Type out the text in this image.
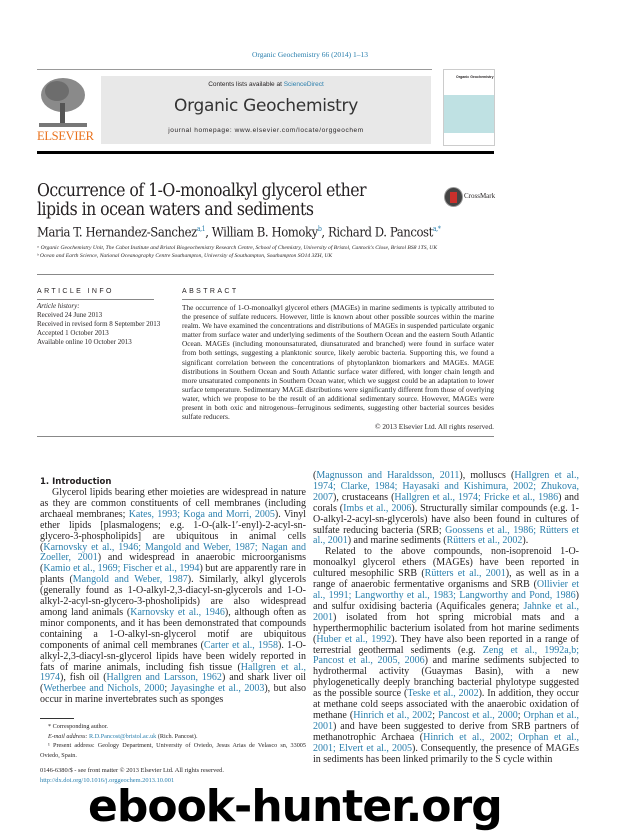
Organic Geochemistry 66 (2014) 1–13
ELSEVIER
Contents lists available at ScienceDirect
Organic Geochemistry
journal homepage: www.elsevier.com/locate/orggeochem
Organic Geochemistry
Occurrence of 1-O-monoalkyl glycerol ether lipids in ocean waters and sediments
CrossMark
Maria T. Hernandez-Sanchez$^{a,1}$, William B. Homoky$^b$, Richard D. Pancost$^{a,*}$
ᵃ Organic Geochemistry Unit, The Cabot Institute and Bristol Biogeochemistry Research Centre, School of Chemistry, University of Bristol, Cantock's Close, Bristol BS8 1TS, UK
ᵇ Ocean and Earth Science, National Oceanography Centre Southampton, University of Southampton, Southampton SO14 3ZH, UK
ARTICLE INFO	ABSTRACT
Article history:
Received 24 June 2013
Received in revised form 8 September 2013
Accepted 1 October 2013
Available online 10 October 2013
The occurrence of 1-O-monoalkyl glycerol ethers (MAGEs) in marine sediments is typically attributed to the presence of sulfate reducers. However, little is known about other possible sources within the marine realm. We have examined the concentrations and distributions of MAGEs in suspended particulate organic matter from surface water and underlying sediments of the Southern Ocean and the eastern South Atlantic Ocean. MAGEs (including monounsaturated, diunsaturated and branched) were found in surface water from both settings, suggesting a planktonic source, likely aerobic bacteria. Supporting this, we found a significant correlation between the concentrations of phytoplankton biomarkers and MAGEs. MAGE distributions in Southern Ocean and South Atlantic surface water differed, with longer chain length and more unsaturated components in Southern Ocean water, which we suggest could be an adaptation to lower surface temperature. Sedimentary MAGE distributions were significantly different from those of overlying water, which we propose to be the result of an additional sedimentary source. However, MAGEs were present in both oxic and nitrogenous–ferruginous sediments, suggesting other bacterial sources besides sulfate reducers.
© 2013 Elsevier Ltd. All rights reserved.
1. Introduction

Glycerol lipids bearing ether moieties are widespread in nature as they are common constituents of cell membranes (including archaeal membranes; Kates, 1993; Koga and Morri, 2005). Vinyl ether lipids [plasmalogens; e.g. 1-O-(alk-1′-enyl)-2-acyl-sn-glycero-3-phospholipids] are ubiquitous in animal cells (Karnovsky et al., 1946; Mangold and Weber, 1987; Nagan and Zoeller, 2001) and widespread in anaerobic microorganisms (Kamio et al., 1969; Fischer et al., 1994) but are apparently rare in plants (Mangold and Weber, 1987). Similarly, alkyl glycerols (generally found as 1-O-alkyl-2,3-diacyl-sn-glycerols and 1-O-alkyl-2-acyl-sn-glycero-3-phosholipids) are also widespread among land animals (Karnovsky et al., 1946), although often as minor components, and it has been demonstrated that compounds containing a 1-O-alkyl-sn-glycerol motif are ubiquitous components of animal cell membranes (Carter et al., 1958). 1-O-alkyl-2,3-diacyl-sn-glycerol lipids have been widely reported in fats of marine animals, including fish tissue (Hallgren et al., 1974), fish oil (Hallgren and Larsson, 1962) and shark liver oil (Wetherbee and Nichols, 2000; Jayasinghe et al., 2003), but also occur in marine invertebrates such as sponges

* Corresponding author.
E-mail address: R.D.Pancost@bristol.ac.uk (Rich. Pancost).
¹ Present address: Geology Department, University of Oviedo, Jesus Arias de Velasco sn, 33005 Oviedo, Spain.
0146-6380/$ - see front matter © 2013 Elsevier Ltd. All rights reserved.
http://dx.doi.org/10.1016/j.orggeochem.2013.10.001

(Magnusson and Haraldsson, 2011), molluscs (Hallgren et al., 1974; Clarke, 1984; Hayasaki and Kishimura, 2002; Zhukova, 2007), crustaceans (Hallgren et al., 1974; Fricke et al., 1986) and corals (Imbs et al., 2006). Structurally similar compounds (e.g. 1-O-alkyl-2-acyl-sn-glycerols) have also been found in cultures of sulfate reducing bacteria (SRB; Goossens et al., 1986; Rütters et al., 2001) and marine sediments (Rütters et al., 2002).

Related to the above compounds, non-isoprenoid 1-O-monoalkyl glycerol ethers (MAGEs) have been reported in cultured mesophilic SRB (Rütters et al., 2001), as well as in a range of anaerobic fermentative organisms and SRB (Ollivier et al., 1991; Langworthy et al., 1983; Langworthy and Pond, 1986) and sulfur oxidising bacteria (Aquificales genera; Jahnke et al., 2001) isolated from hot spring microbial mats and a hyperthermophilic bacterium isolated from hot marine sediments (Huber et al., 1992). They have also been reported in a range of terrestrial geothermal sediments (e.g. Zeng et al., 1992a,b; Pancost et al., 2005, 2006) and marine sediments subjected to hydrothermal activity (Guaymas Basin), with a new phylogenetically deeply branching bacterial phylotype suggested as the possible source (Teske et al., 2002). In addition, they occur at methane cold seeps associated with the anaerobic oxidation of methane (Hinrich et al., 2002; Pancost et al., 2000; Orphan et al., 2001) and have been suggested to derive from SRB partners of methanotrophic Archaea (Hinrich et al., 2002; Orphan et al., 2001; Elvert et al., 2005). Consequently, the presence of MAGEs in sediments has been linked primarily to the S cycle within

ebook-hunter.org
